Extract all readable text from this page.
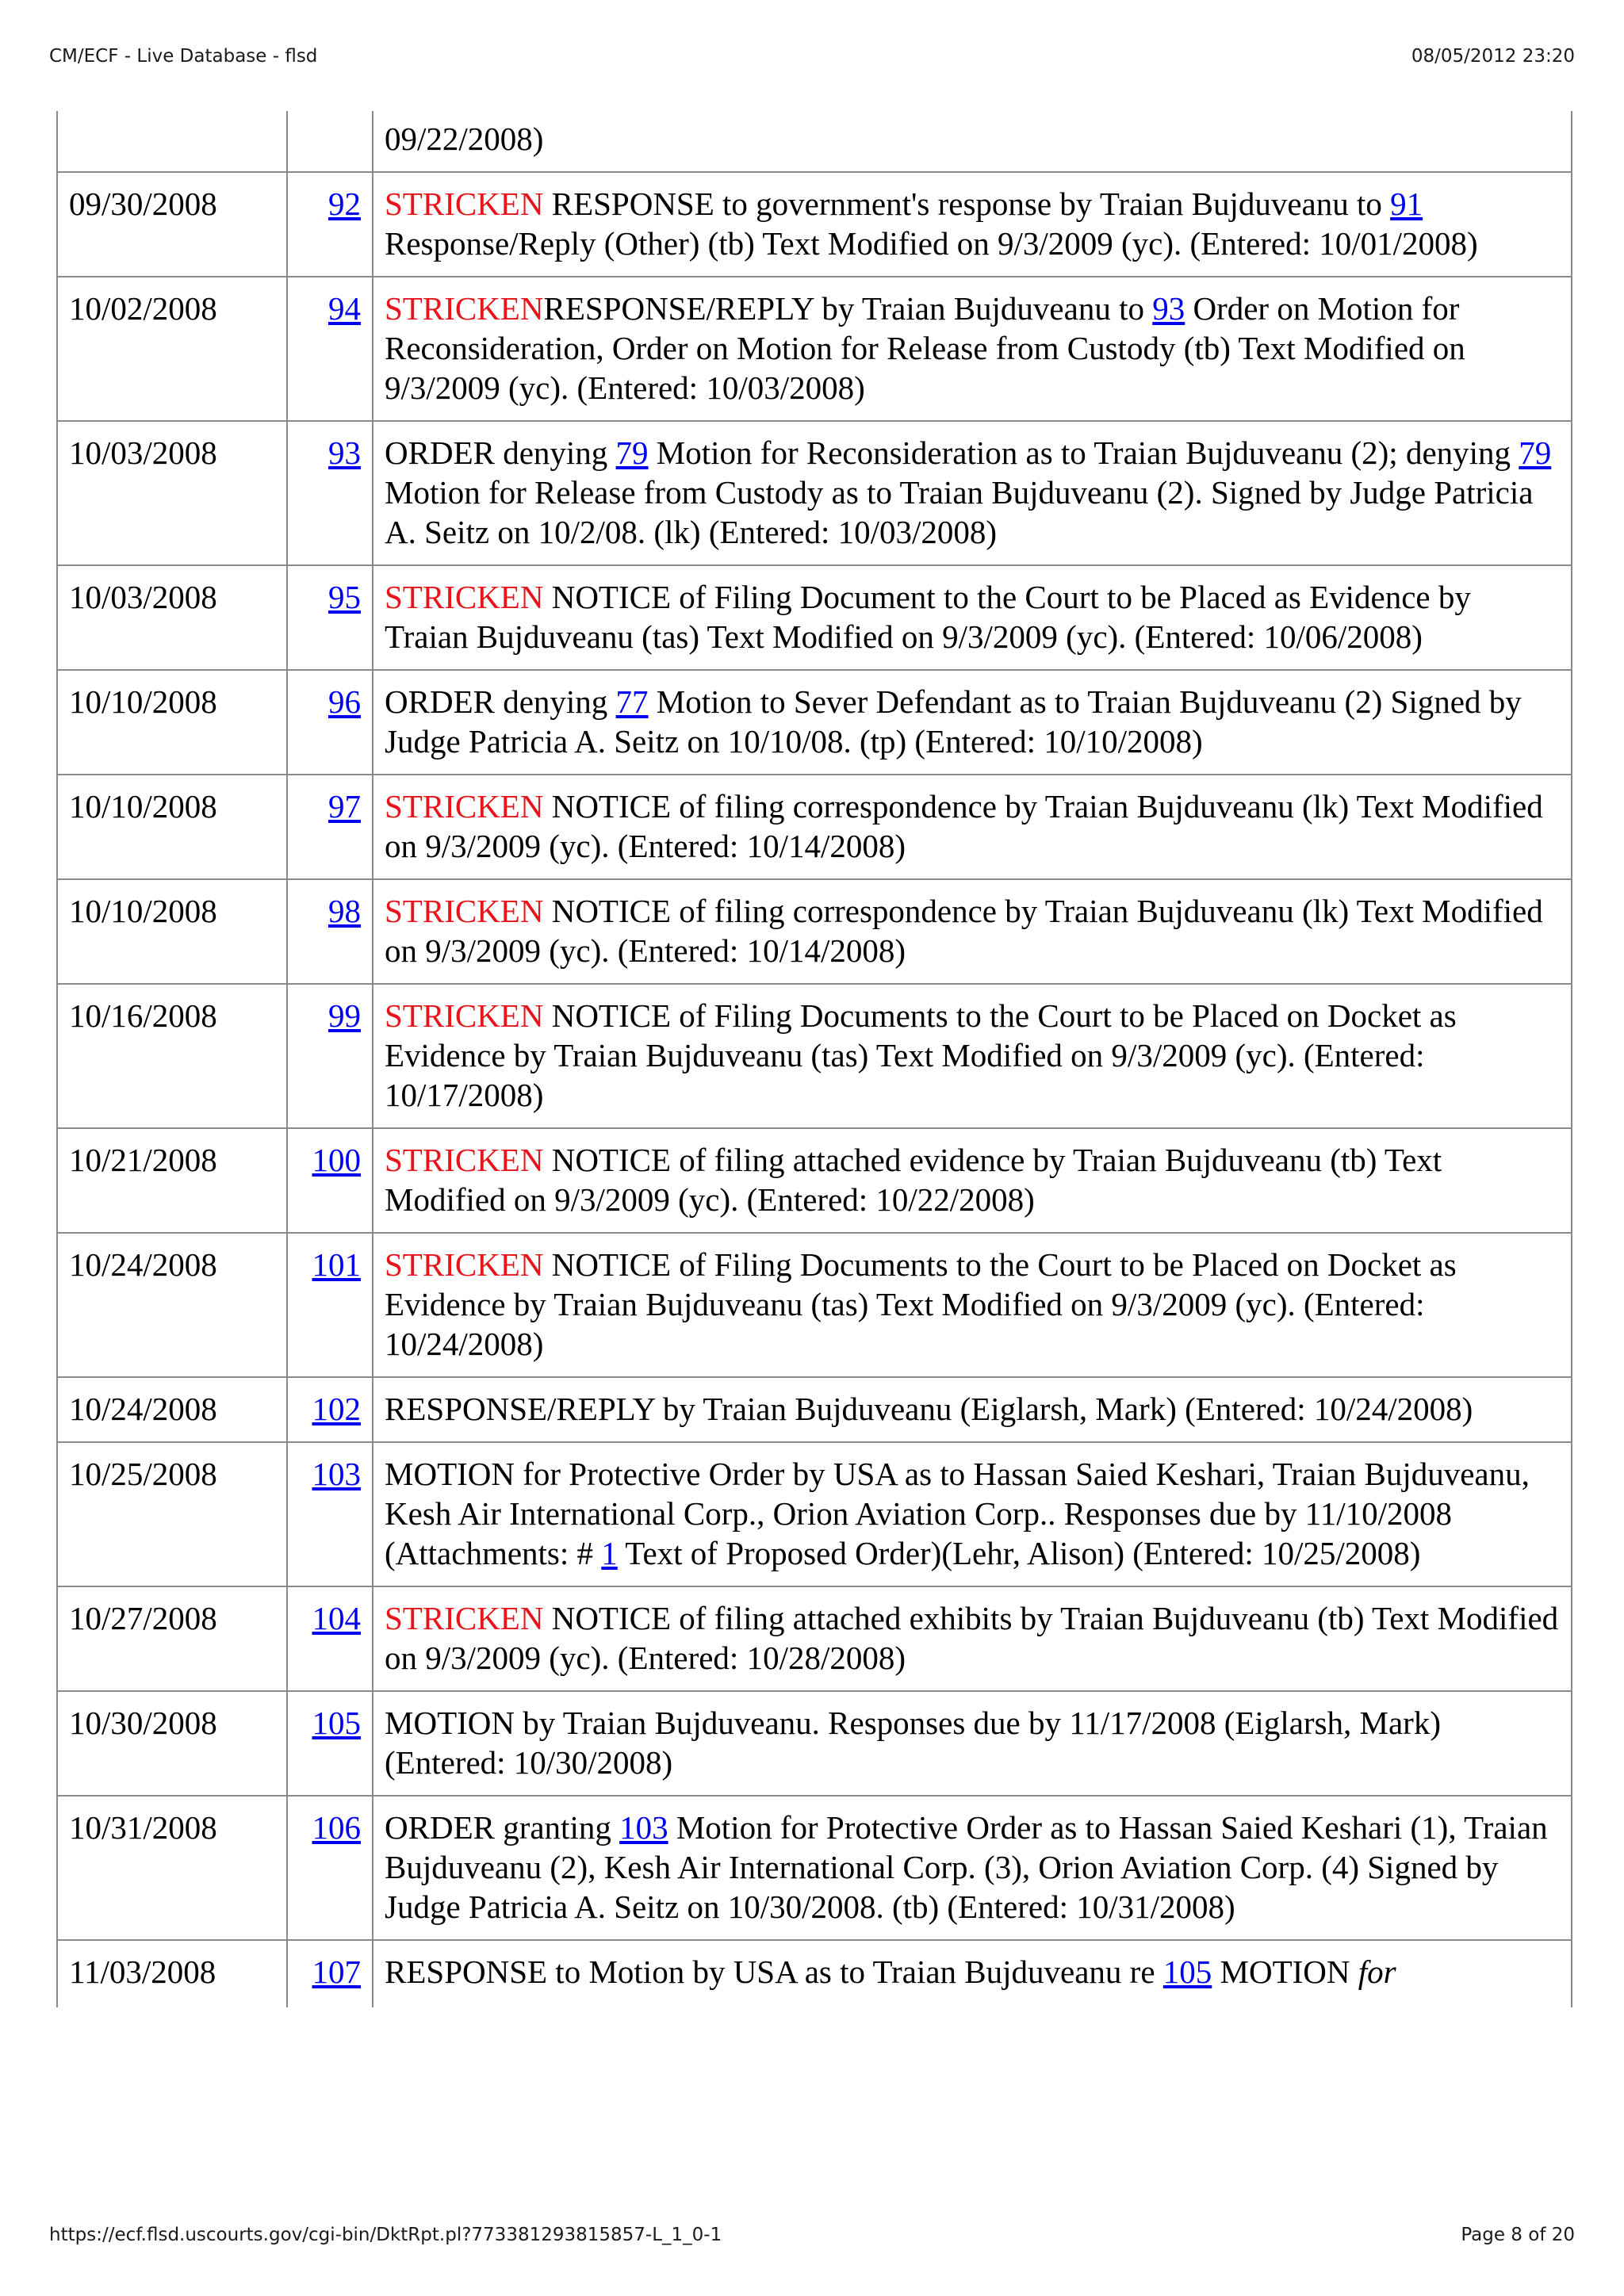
CM/ECF - Live Database - flsd	08/05/2012 23:20
		09/22/2008)
09/30/2008	92	STRICKEN RESPONSE to government's response by Traian Bujduveanu to 91 Response/Reply (Other) (tb) Text Modified on 9/3/2009 (yc). (Entered: 10/01/2008)
10/02/2008	94	STRICKENRESPONSE/REPLY by Traian Bujduveanu to 93 Order on Motion for Reconsideration, Order on Motion for Release from Custody (tb) Text Modified on 9/3/2009 (yc). (Entered: 10/03/2008)
10/03/2008	93	ORDER denying 79 Motion for Reconsideration as to Traian Bujduveanu (2); denying 79 Motion for Release from Custody as to Traian Bujduveanu (2). Signed by Judge Patricia A. Seitz on 10/2/08. (lk) (Entered: 10/03/2008)
10/03/2008	95	STRICKEN NOTICE of Filing Document to the Court to be Placed as Evidence by Traian Bujduveanu (tas) Text Modified on 9/3/2009 (yc). (Entered: 10/06/2008)
10/10/2008	96	ORDER denying 77 Motion to Sever Defendant as to Traian Bujduveanu (2) Signed by Judge Patricia A. Seitz on 10/10/08. (tp) (Entered: 10/10/2008)
10/10/2008	97	STRICKEN NOTICE of filing correspondence by Traian Bujduveanu (lk) Text Modified on 9/3/2009 (yc). (Entered: 10/14/2008)
10/10/2008	98	STRICKEN NOTICE of filing correspondence by Traian Bujduveanu (lk) Text Modified on 9/3/2009 (yc). (Entered: 10/14/2008)
10/16/2008	99	STRICKEN NOTICE of Filing Documents to the Court to be Placed on Docket as Evidence by Traian Bujduveanu (tas) Text Modified on 9/3/2009 (yc). (Entered: 10/17/2008)
10/21/2008	100	STRICKEN NOTICE of filing attached evidence by Traian Bujduveanu (tb) Text Modified on 9/3/2009 (yc). (Entered: 10/22/2008)
10/24/2008	101	STRICKEN NOTICE of Filing Documents to the Court to be Placed on Docket as Evidence by Traian Bujduveanu (tas) Text Modified on 9/3/2009 (yc). (Entered: 10/24/2008)
10/24/2008	102	RESPONSE/REPLY by Traian Bujduveanu (Eiglarsh, Mark) (Entered: 10/24/2008)
10/25/2008	103	MOTION for Protective Order by USA as to Hassan Saied Keshari, Traian Bujduveanu, Kesh Air International Corp., Orion Aviation Corp.. Responses due by 11/10/2008 (Attachments: # 1 Text of Proposed Order)(Lehr, Alison) (Entered: 10/25/2008)
10/27/2008	104	STRICKEN NOTICE of filing attached exhibits by Traian Bujduveanu (tb) Text Modified on 9/3/2009 (yc). (Entered: 10/28/2008)
10/30/2008	105	MOTION by Traian Bujduveanu. Responses due by 11/17/2008 (Eiglarsh, Mark) (Entered: 10/30/2008)
10/31/2008	106	ORDER granting 103 Motion for Protective Order as to Hassan Saied Keshari (1), Traian Bujduveanu (2), Kesh Air International Corp. (3), Orion Aviation Corp. (4) Signed by Judge Patricia A. Seitz on 10/30/2008. (tb) (Entered: 10/31/2008)
11/03/2008	107	RESPONSE to Motion by USA as to Traian Bujduveanu re 105 MOTION for
https://ecf.flsd.uscourts.gov/cgi-bin/DktRpt.pl?773381293815857-L_1_0-1	Page 8 of 20
